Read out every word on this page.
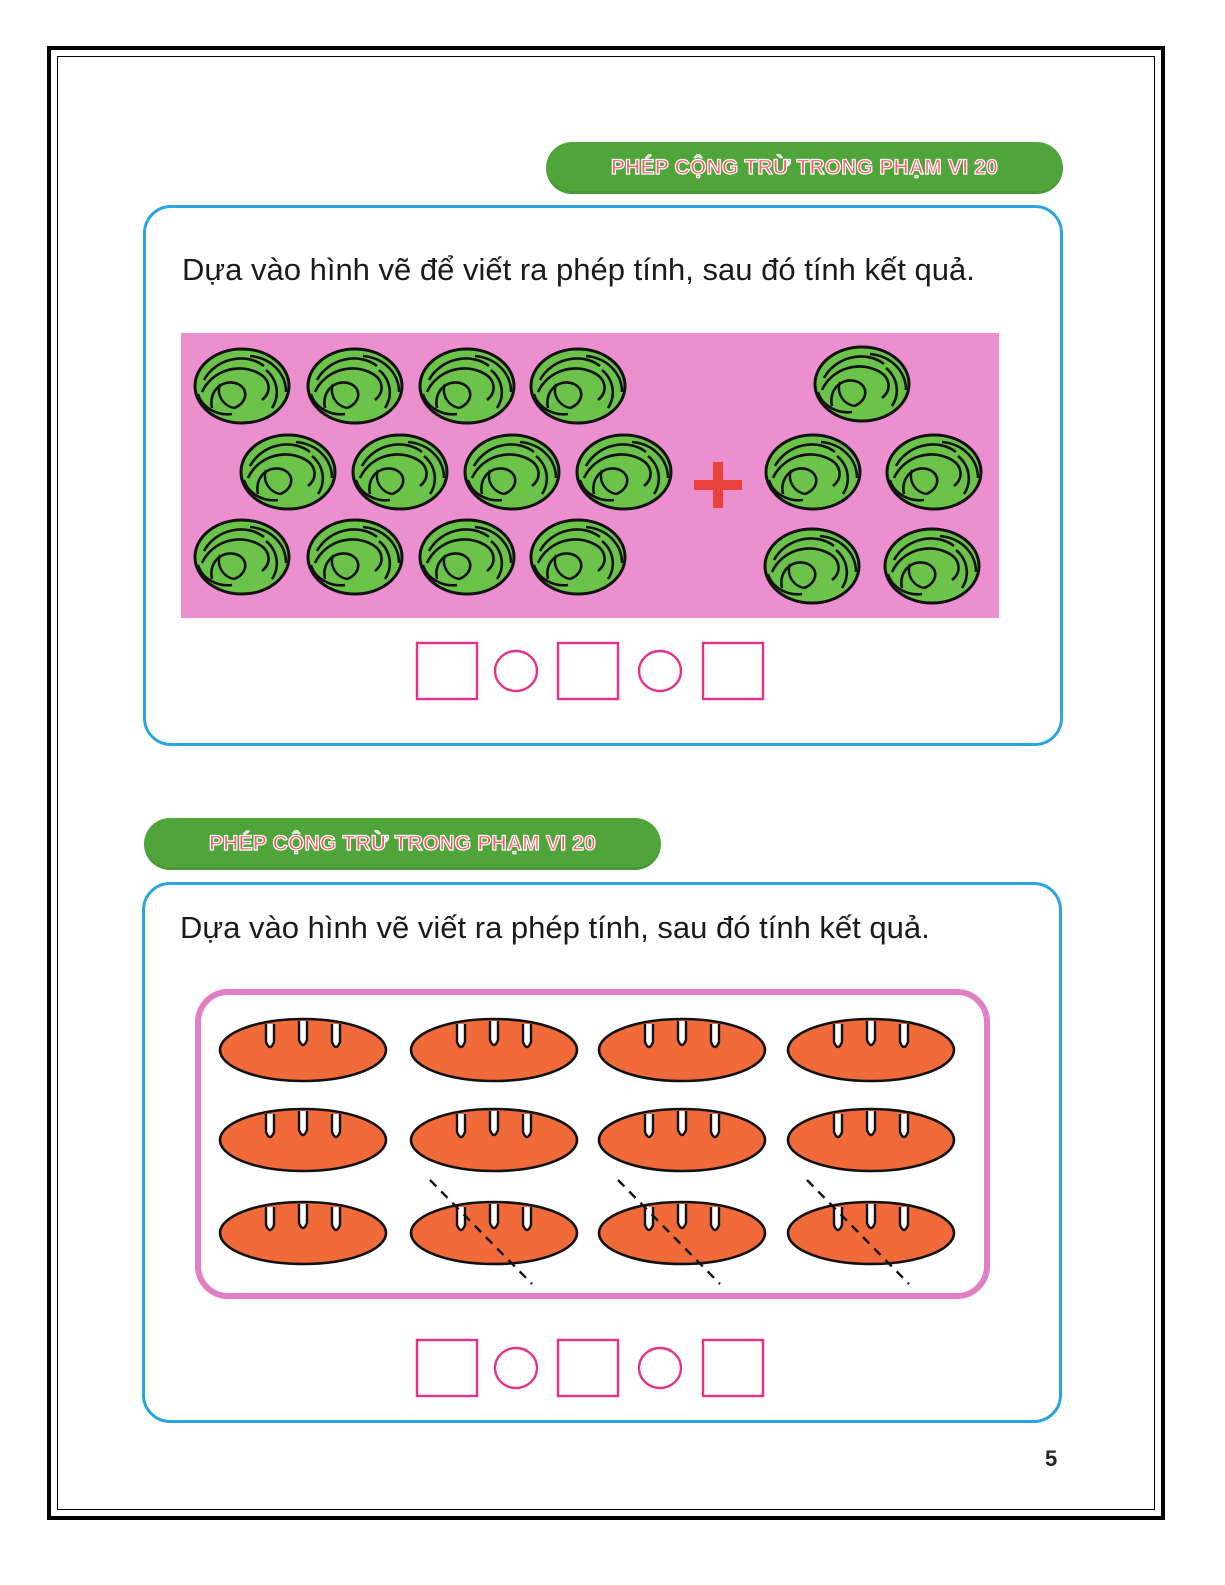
PHÉP CỘNG TRỪ TRONG PHẠM VI 20
PHÉP CỘNG TRỪ TRONG PHẠM VI 20
Dựa vào hình vẽ để viết ra phép tính, sau đó tính kết quả.
Dựa vào hình vẽ viết ra phép tính, sau đó tính kết quả.
5
